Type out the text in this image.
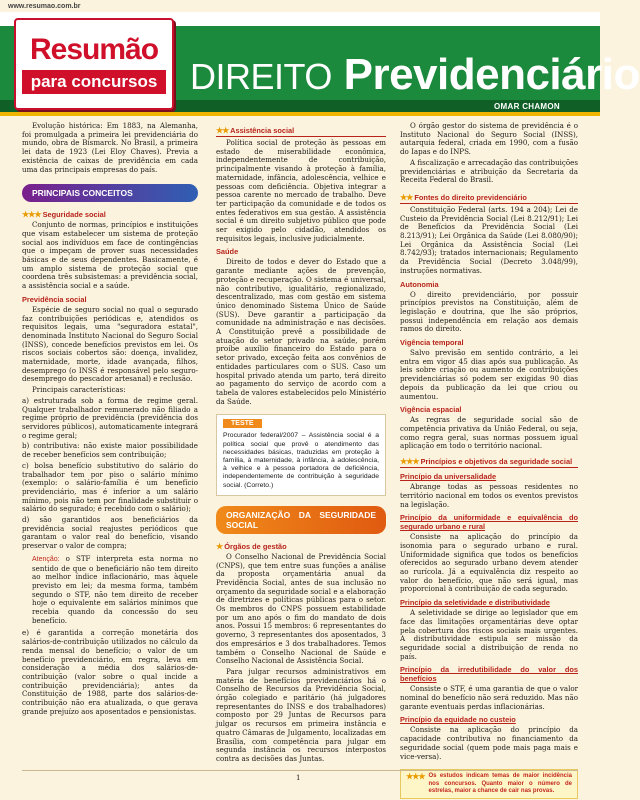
www.resumao.com.br
Resumão
para concursos DIREITO Previdenciário
OMAR CHAMON

Evolução histórica: Em 1883, na Alemanha, foi promulgada a primeira lei previdenciária do mundo, obra de Bismarck. No Brasil, a primeira lei data de 1923 (Lei Eloy Chaves). Previa a existência de caixas de previdência em cada uma das principais empresas do país.

PRINCIPAIS CONCEITOS
★★★ Seguridade social

Conjunto de normas, princípios e instituições que visam estabelecer um sistema de proteção social aos indivíduos em face de contingências que o impeçam de prover suas necessidades básicas e de seus dependentes. Basicamente, é um amplo sistema de proteção social que coordena três subsistemas: a previdência social, a assistência social e a saúde.

Previdência social

Espécie de seguro social no qual o segurado faz contribuições periódicas e, atendidos os requisitos legais, uma "seguradora estatal", denominada Instituto Nacional do Seguro Social (INSS), concede benefícios previstos em lei. Os riscos sociais cobertos são: doença, invalidez, maternidade, morte, idade avançada, filhos, desemprego (o INSS é responsável pelo seguro-desemprego do pescador artesanal) e reclusão.

Principais características:

a) estruturada sob a forma de regime geral. Qualquer trabalhador remunerado não filiado a regime próprio de previdência (previdência dos servidores públicos), automaticamente integrará o regime geral;

b) contributiva: não existe maior possibilidade de receber benefícios sem contribuição;

c) bolsa benefício substitutivo do salário do trabalhador tem por piso o salário mínimo (exemplo: o salário-família é um benefício previdenciário, mas é inferior a um salário mínimo, pois não tem por finalidade substituir o salário do segurado; é recebido com o salário);

d) são garantidos aos beneficiários da previdência social reajustes periódicos que garantam o valor real do benefício, visando preservar o valor de compra;

Atenção: o STF interpreta esta norma no sentido de que o beneficiário não tem direito ao melhor índice inflacionário, mas àquele previsto em lei; da mesma forma, também segundo o STF, não tem direito de receber hoje o equivalente em salários mínimos que recebia quando da concessão do seu benefício.

e) é garantida a correção monetária dos salários-de-contribuição utilizados no cálculo da renda mensal do benefício; o valor de um benefício previdenciário, em regra, leva em consideração a média dos salários-de-contribuição (valor sobre o qual incide a contribuição previdenciária); antes da Constituição de 1988, parte dos salários-de-contribuição não era atualizada, o que gerava grande prejuízo aos aposentados e pensionistas.

★★ Assistência social

Política social de proteção às pessoas em estado de miserabilidade econômica, independentemente de contribuição, principalmente visando à proteção à família, maternidade, infância, adolescência, velhice e pessoas com deficiência. Objetiva integrar a pessoa carente no mercado de trabalho. Deve ter participação da comunidade e de todos os entes federativos em sua gestão. A assistência social é um direito subjetivo público que pode ser exigido pelo cidadão, atendidos os requisitos legais, inclusive judicialmente.

Saúde

Direito de todos e dever do Estado que a garante mediante ações de prevenção, proteção e recuperação. O sistema é universal, não contributivo, igualitário, regionalizado, descentralizado, mas com gestão em sistema único denominado Sistema Único de Saúde (SUS). Deve garantir a participação da comunidade na administração e nas decisões. A Constituição prevê a possibilidade de atuação do setor privado na saúde, porém proíbe auxílio financeiro do Estado para o setor privado, exceção feita aos convênios de entidades particulares com o SUS. Caso um hospital privado atenda um parto, terá direito ao pagamento do serviço de acordo com a tabela de valores estabelecidos pelo Ministério da Saúde.

TESTE
Procurador federal/2007 – Assistência social é a política social que provê o atendimento das necessidades básicas, traduzidas em proteção à família, à maternidade, à infância, à adolescência, à velhice e à pessoa portadora de deficiência, independentemente de contribuição à seguridade social. (Correto.)
ORGANIZAÇÃO DA SEGURIDADE SOCIAL
★ Órgãos de gestão

O Conselho Nacional de Previdência Social (CNPS), que tem entre suas funções a análise da proposta orçamentária anual da Previdência Social, antes de sua inclusão no orçamento da seguridade social e a elaboração de diretrizes e políticas públicas para o setor. Os membros do CNPS possuem estabilidade por um ano após o fim do mandato de dois anos. Possui 15 membros: 6 representantes do governo, 3 representantes dos aposentados, 3 dos empresários e 3 dos trabalhadores. Temos também o Conselho Nacional de Saúde e Conselho Nacional de Assistência Social.

Para julgar recursos administrativos em matéria de benefícios previdenciários há o Conselho de Recursos da Previdência Social, órgão colegiado e paritário (há julgadores representantes do INSS e dos trabalhadores) composto por 29 Juntas de Recursos para julgar os recursos em primeira instância e quatro Câmaras de Julgamento, localizadas em Brasília, com competência para julgar em segunda instância os recursos interpostos contra as decisões das Juntas.

O órgão gestor do sistema de previdência é o Instituto Nacional do Seguro Social (INSS), autarquia federal, criada em 1990, com a fusão do Iapas e do INPS.

A fiscalização e arrecadação das contribuições previdenciárias e atribuição da Secretaria da Receita Federal do Brasil.

★★ Fontes do direito previdenciário

Constituição Federal (arts. 194 a 204); Lei de Custeio da Previdência Social (Lei 8.212/91); Lei de Benefícios da Previdência Social (Lei 8.213/91); Lei Orgânica da Saúde (Lei 8.080/90); Lei Orgânica da Assistência Social (Lei 8.742/93); tratados internacionais; Regulamento da Previdência Social (Decreto 3.048/99), instruções normativas.

Autonomia

O direito previdenciário, por possuir princípios previstos na Constituição, além de legislação e doutrina, que lhe são próprios, possui independência em relação aos demais ramos do direito.

Vigência temporal

Salvo previsão em sentido contrário, a lei entra em vigor 45 dias após sua publicação. As leis sobre criação ou aumento de contribuições previdenciárias só podem ser exigidas 90 dias depois da publicação da lei que criou ou aumentou.

Vigência espacial

As regras de seguridade social são de competência privativa da União Federal, ou seja, como regra geral, suas normas possuem igual aplicação em todo o território nacional.

★★★ Princípios e objetivos da seguridade social
Princípio da universalidade

Abrange todas as pessoas residentes no território nacional em todos os eventos previstos na legislação.

Princípio da uniformidade e equivalência do segurado urbano e rural

Consiste na aplicação do princípio da isonomia para o segurado urbano e rural. Uniformidade significa que todos os benefícios oferecidos ao segurado urbano devem atender ao rurícola. Já a equivalência diz respeito ao valor do benefício, que não será igual, mas proporcional à contribuição de cada segurado.

Princípio da seletividade e distributividade

A seletividade se dirige ao legislador que em face das limitações orçamentárias deve optar pela cobertura dos riscos sociais mais urgentes. A distributividade estipula ser missão da seguridade social a distribuição de renda no país.

Princípio da irredutibilidade do valor dos benefícios

Consiste o STF, é uma garantia de que o valor nominal do benefício não será reduzido. Mas não garante eventuais perdas inflacionárias.

Princípio da equidade no custeio

Consiste na aplicação do princípio da capacidade contributiva no financiamento da seguridade social (quem pode mais paga mais e vice-versa).

★★★ Os estudos indicam temas de maior incidência nos concursos. Quanto maior o número de estrelas, maior a chance de cair nas provas.
1
